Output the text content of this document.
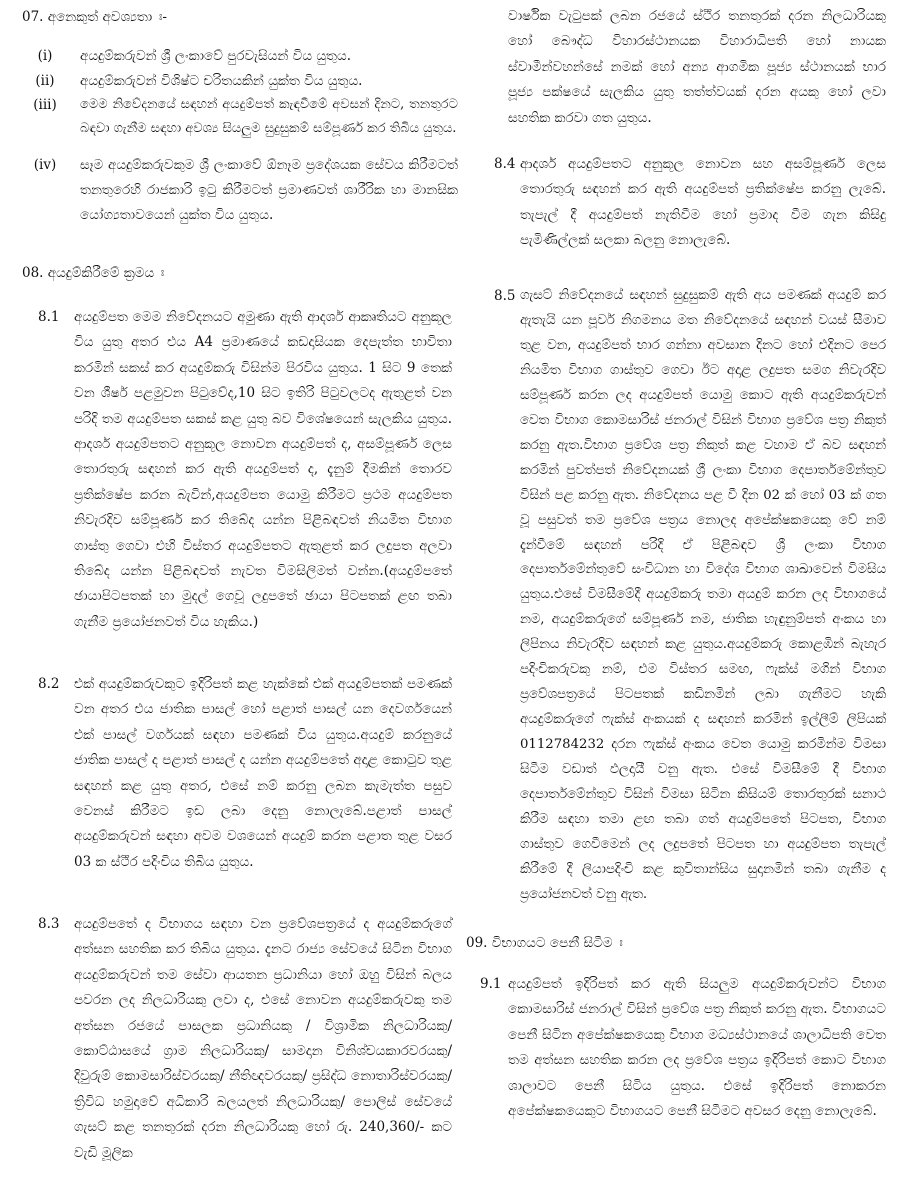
07. අනෙකුත් අවශ්‍යතා ඃ-
(i)	අයදුම්කරුවන් ශ්‍රී ලංකාවේ පුරවැසියන් විය යුතුය.
(ii)	අයදුම්කරුවන් විශිෂ්ට චරිතයකින් යුක්ත විය යුතුය.
(iii)	මෙම නිවේදනයේ සඳහන් අයදුම්පත් කැඳවීමේ අවසන් දිනට, තනතුරට බඳවා ගැනීම සඳහා අවශ්‍ය සියලුම සුදුසුකම් සම්පූර්ණ කර තිබිය යුතුය.
(iv)	සෑම අයදුම්කරුවකුම ශ්‍රී ලංකාවේ ඕනෑම ප්‍රදේශයක සේවය කිරීමටත් තනතුරෙහි රාජකාරි ඉටු කිරීමටත් ප්‍රමාණවත් ශාරීරික හා මානසික යෝග්‍යතාවයෙන් යුක්ත විය යුතුය.
08. අයදුම්කිරීමේ ක්‍රමය ඃ
8.1 අයදුම්පත මෙම නිවේදනයට අමුණා ඇති ආදර්ශ ආකෘතියට අනුකූල විය යුතු අතර එය A4 ප්‍රමාණයේ කඩදාසියක දෙපැත්ත භාවිතා කරමින් සකස් කර අයදුම්කරු විසින්ම පිරවිය යුතුය. 1 සිට 9 තෙක් වන ශීර්ෂ පළමුවන පිටුවේද,10 සිට ඉතිරි පිටුවලටද ඇතුළත් වන පරිදි තම අයදුම්පත සකස් කළ යුතු බව විශේෂයෙන් සැලකිය යුතුය. ආදර්ශ අයදුම්පතට අනුකූල නොවන අයදුම්පත් ද, අසම්පූර්ණ ලෙස තොරතුරු සඳහන් කර ඇති අයදුම්පත් ද, දැනුම් දීමකින් තොරව ප්‍රතික්ෂේප කරන බැවින්,අයදුම්පත යොමු කිරීමට ප්‍රථම අයදුම්පත නිවැරදිව සම්පූර්ණ කර තිබේද යන්න පිළිබඳවත් නියමිත විභාග ගාස්තු ගෙවා එහි විස්තර අයදුම්පතට ඇතුළත් කර ලදුපත අලවා තිබේද යන්න පිළිබඳවත් නැවත විමසිලිමත් වන්න.(අයදුම්පතේ ඡායාපිටපතක් හා මුදල් ගෙවූ ලදුපතේ ඡායා පිටපතක් ළඟ තබා ගැනීම ප්‍රයෝජනවත් විය හැකිය.)
8.2 එක් අයදුම්කරුවකුට ඉදිරිපත් කළ හැක්කේ එක් අයදුම්පතක් පමණක් වන අතර එය ජාතික පාසල් හෝ පළාත් පාසල් යන දෙවර්ගයෙන් එක් පාසල් වර්ගයක් සඳහා පමණක් විය යුතුය.අයදුම් කරනුයේ ජාතික පාසල් ද පළාත් පාසල් ද යන්න අයදුම්පතේ අදාළ කොටුව තුළ සඳහන් කළ යුතු අතර, එසේ නම් කරනු ලබන කැමැත්ත පසුව වෙනස් කිරීමට ඉඩ ලබා දෙනු නොලැබේ.පළාත් පාසල් අයදුම්කරුවන් සඳහා අවම වශයෙන් අයදුම් කරන පළාත තුළ වසර 03 ක ස්ථිර පදිංචිය තිබිය යුතුය.
8.3 අයදුම්පතේ ද විභාගය සඳහා වන ප්‍රවේශපත්‍රයේ ද අයදුම්කරුගේ අත්සන සහතික කර තිබිය යුතුය. දැනට රාජ්‍ය සේවයේ සිටින විභාග අයදුම්කරුවන් තම සේවා ආයතන ප්‍රධානියා හෝ ඔහු විසින් බලය පවරන ලද නිලධාරියකු ලවා ද, එසේ නොවන අයදුම්කරුවකු තම අත්සන රජයේ පාසලක ප්‍රධානියකු / විශ්‍රාමික නිලධාරියකු/කොට්ඨාසයේ ග්‍රාම නිලධාරියකු/ සාමදාන විනිශ්චයකාරවරයකු/දිවුරුම් කොමසාරිස්වරයකු/ නීතිඥවරයකු/ ප්‍රසිද්ධ නොතාරිස්වරයකු/ත්‍රිවිධ හමුදාවේ අධිකාරි බලයලත් නිලධාරියකු/ පොලිස් සේවයේ ගැසට් කළ තනතුරක් දරන නිලධාරියකු හෝ රු. 240,360/- කට වැඩි මූලික
වාර්ෂික වැටුපක් ලබන රජයේ ස්ථිර තනතුරක් දරන නිලධාරියකු හෝ බෞද්ධ විහාරස්ථානයක විහාරාධිපති හෝ නායක ස්වාමීන්වහන්සේ නමක් හෝ අන්‍ය ආගමික පූජ්‍ය ස්ථානයක් භාර පූජ්‍ය පක්ෂයේ සැලකිය යුතු තත්ත්වයක් දරන අයකු හෝ ලවා සහතික කරවා ගත යුතුය.
8.4 ආදර්ශ අයදුම්පතට අනුකූල නොවන සහ අසම්පූර්ණ ලෙස තොරතුරු සඳහන් කර ඇති අයදුම්පත් ප්‍රතික්ෂේප කරනු ලැබේ. තැපැල් දී අයදුම්පත් නැතිවීම හෝ ප්‍රමාද වීම ගැන කිසිදු පැමිණිල්ලක් සලකා බලනු නොලැබේ.
8.5 ගැසට් නිවේදනයේ සඳහන් සුදුසුකම් ඇති අය පමණක් අයදුම් කර ඇතැයි යන පූර්ව නිගමනය මත නිවේදනයේ සඳහන් වයස් සීමාව තුළ වන, අයදුම්පත් භාර ගන්නා අවසාන දිනට හෝ එදිනට පෙර නියමිත විභාග ගාස්තුව ගෙවා ඊට අදාළ ලදුපත සමග නිවැරදිව සම්පූර්ණ කරන ලද අයදුම්පත් යොමු කොට ඇති අයදුම්කරුවන් වෙත විභාග කොමසාරිස් ජනරාල් විසින් විභාග ප්‍රවේශ පත්‍ර නිකුත් කරනු ඇත.විභාග ප්‍රවේශ පත්‍ර නිකුත් කළ වහාම ඒ බව සඳහන් කරමින් පුවත්පත් නිවේදනයක් ශ්‍රී ලංකා විභාග දෙපාර්තමේන්තුව විසින් පළ කරනු ඇත. නිවේදනය පළ වී දින 02 ක් හෝ 03 ක් ගත වූ පසුවත් තම ප්‍රවේශ පත්‍රය නොලද අපේක්ෂකයෙකු වේ නම් දැන්වීමේ සඳහන් පරිදි ඒ පිළිබඳව ශ්‍රී ලංකා විභාග දෙපාර්තමේන්තුවේ සංවිධාන හා විදේශ විභාග ශාඛාවෙන් විමසිය යුතුය.එසේ විමසීමේදී අයදුම්කරු තමා අයදුම් කරන ලද විභාගයේ නම, අයදුම්කරුගේ සම්පූර්ණ නම, ජාතික හැඳුනුම්පත් අංකය හා ලිපිනය නිවැරදිව සඳහන් කළ යුතුය.අයදුම්කරු කොළඹින් බැහැර පදිංචිකරුවකු නම්, එම විස්තර සමඟ, ෆැක්ස් මගින් විභාග ප්‍රවේශපත්‍රයේ පිටපතක් කඩිනමින් ලබා ගැනීමට හැකි අයදුම්කරුගේ ෆැක්ස් අංකයක් ද සඳහන් කරමින් ඉල්ලීම් ලිපියක් 0112784232 දරන ෆැක්ස් අංකය වෙත යොමු කරමින්ම විමසා සිටීම වඩාත් ඵලදායී වනු ඇත. එසේ විමසීමේ දී විභාග දෙපාර්තමේන්තුව විසින් විමසා සිටින කිසියම් තොරතුරක් සනාථ කිරීම සඳහා තමා ළඟ තබා ගත් අයදුම්පතේ පිටපත, විභාග ගාස්තුව ගෙවීමෙන් ලද ලදුපතේ පිටපත හා අයදුම්පත තැපැල් කිරීමේ දී ලියාපදිංචි කළ කුවිතාන්සිය සුදානමින් තබා ගැනීම ද ප්‍රයෝජනවත් වනු ඇත.
09. විභාගයට පෙනී සිටීම ඃ
9.1 අයදුම්පත් ඉදිරිපත් කර ඇති සියලුම අයදුම්කරුවන්ට විභාග කොමසාරිස් ජනරාල් විසින් ප්‍රවේශ පත්‍ර නිකුත් කරනු ඇත. විභාගයට පෙනී සිටින අපේක්ෂකයෙකු විභාග මධ්‍යස්ථානයේ ශාලාධිපති වෙත තම අත්සන සහතික කරන ලද ප්‍රවේශ පත්‍රය ඉදිරිපත් කොට විභාග ශාලාවට පෙනී සිටිය යුතුය. එසේ ඉදිරිපත් නොකරන අපේක්ෂකයෙකුට විභාගයට පෙනී සිටීමට අවසර දෙනු නොලැබේ.
